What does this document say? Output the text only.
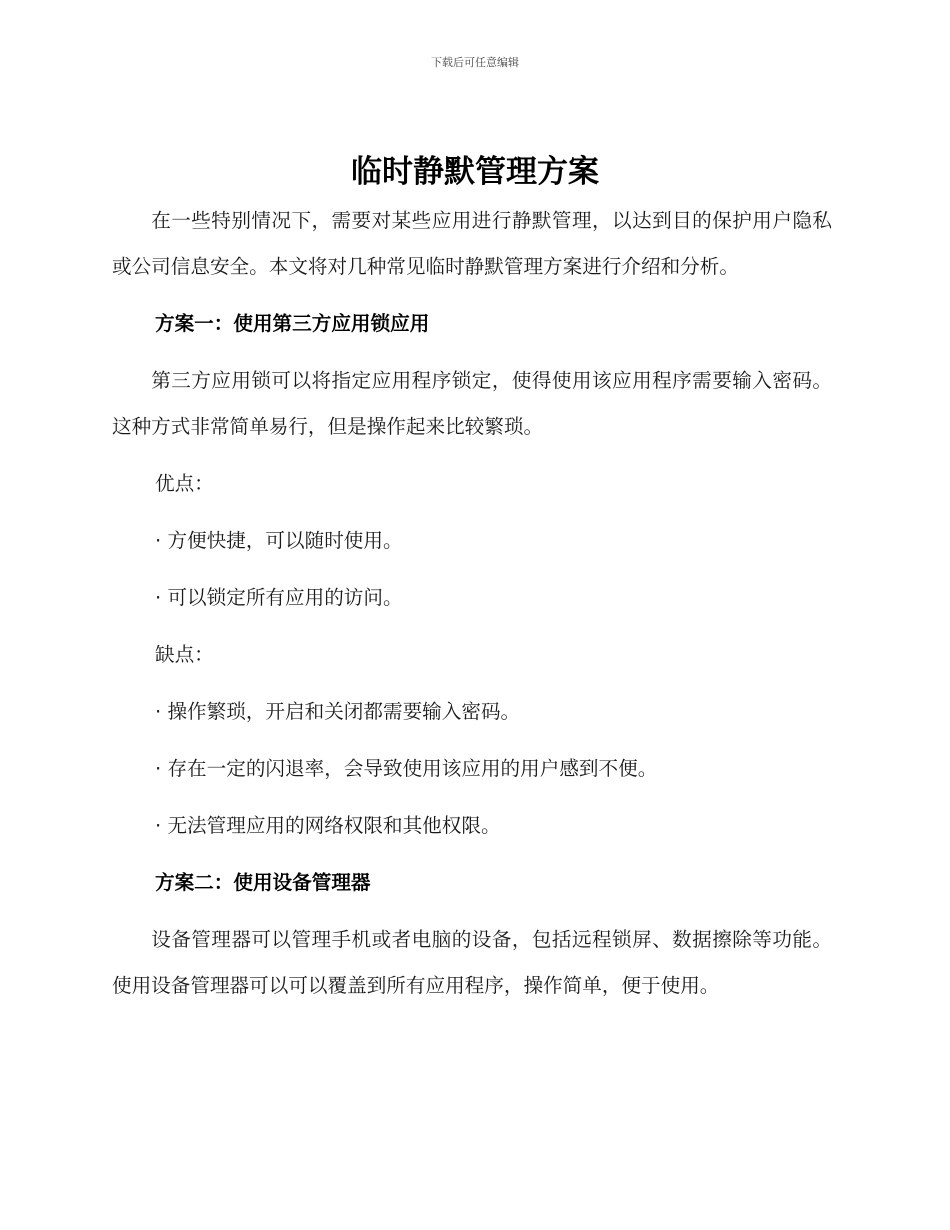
下载后可任意编辑
临时静默管理方案

在一些特别情况下，需要对某些应用进行静默管理，以达到目的保护用户隐私或公司信息安全。本文将对几种常见临时静默管理方案进行介绍和分析。

方案一：使用第三方应用锁应用

第三方应用锁可以将指定应用程序锁定，使得使用该应用程序需要输入密码。这种方式非常简单易行，但是操作起来比较繁琐。

优点：

· 方便快捷，可以随时使用。

· 可以锁定所有应用的访问。

缺点：

· 操作繁琐，开启和关闭都需要输入密码。

· 存在一定的闪退率，会导致使用该应用的用户感到不便。

· 无法管理应用的网络权限和其他权限。

方案二：使用设备管理器

设备管理器可以管理手机或者电脑的设备，包括远程锁屏、数据擦除等功能。使用设备管理器可以可以覆盖到所有应用程序，操作简单，便于使用。
